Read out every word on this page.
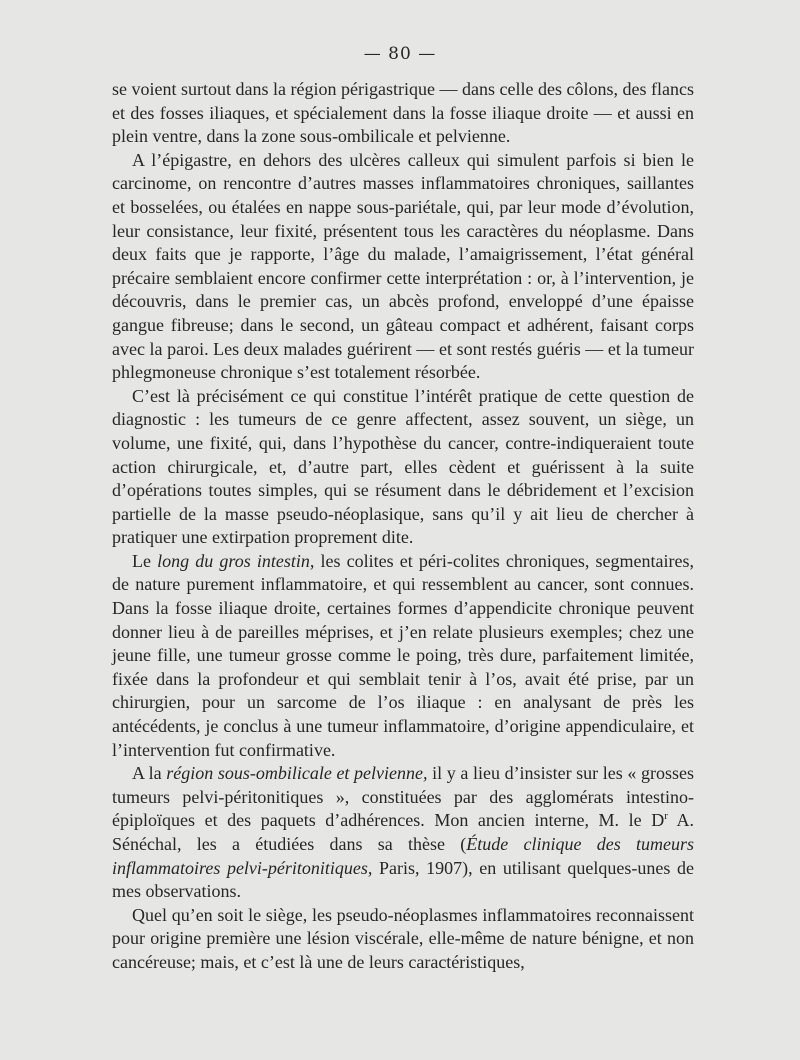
— 80 —

se voient surtout dans la région périgastrique — dans celle des côlons, des flancs et des fosses iliaques, et spécialement dans la fosse iliaque droite — et aussi en plein ventre, dans la zone sous-ombilicale et pelvienne.

A l’épigastre, en dehors des ulcères calleux qui simulent parfois si bien le carcinome, on rencontre d’autres masses inflammatoires chroniques, saillantes et bosselées, ou étalées en nappe sous-pariétale, qui, par leur mode d’évolution, leur consistance, leur fixité, présentent tous les caractères du néoplasme. Dans deux faits que je rapporte, l’âge du malade, l’amaigrissement, l’état général précaire semblaient encore confirmer cette interprétation : or, à l’intervention, je découvris, dans le premier cas, un abcès profond, enveloppé d’une épaisse gangue fibreuse; dans le second, un gâteau compact et adhérent, faisant corps avec la paroi. Les deux malades guérirent — et sont restés guéris — et la tumeur phlegmoneuse chronique s’est totalement résorbée.

C’est là précisément ce qui constitue l’intérêt pratique de cette question de diagnostic : les tumeurs de ce genre affectent, assez souvent, un siège, un volume, une fixité, qui, dans l’hypothèse du cancer, contre-indiqueraient toute action chirurgicale, et, d’autre part, elles cèdent et guérissent à la suite d’opérations toutes simples, qui se résument dans le débridement et l’excision partielle de la masse pseudo-néoplasique, sans qu’il y ait lieu de chercher à pratiquer une extirpation proprement dite.

Le long du gros intestin, les colites et péri-colites chroniques, segmentaires, de nature purement inflammatoire, et qui ressemblent au cancer, sont connues. Dans la fosse iliaque droite, certaines formes d’appendicite chronique peuvent donner lieu à de pareilles méprises, et j’en relate plusieurs exemples; chez une jeune fille, une tumeur grosse comme le poing, très dure, parfaitement limitée, fixée dans la profondeur et qui semblait tenir à l’os, avait été prise, par un chirurgien, pour un sarcome de l’os iliaque : en analysant de près les antécédents, je conclus à une tumeur inflammatoire, d’origine appendiculaire, et l’intervention fut confirmative.

A la région sous-ombilicale et pelvienne, il y a lieu d’insister sur les « grosses tumeurs pelvi-péritonitiques », constituées par des agglomérats intestino-épiploïques et des paquets d’adhérences. Mon ancien interne, M. le $D^r$ A. Sénéchal, les a étudiées dans sa thèse (Étude clinique des tumeurs inflammatoires pelvi-péritonitiques, Paris, 1907), en utilisant quelques-unes de mes observations.

Quel qu’en soit le siège, les pseudo-néoplasmes inflammatoires reconnaissent pour origine première une lésion viscérale, elle-même de nature bénigne, et non cancéreuse; mais, et c’est là une de leurs caractéristiques,
